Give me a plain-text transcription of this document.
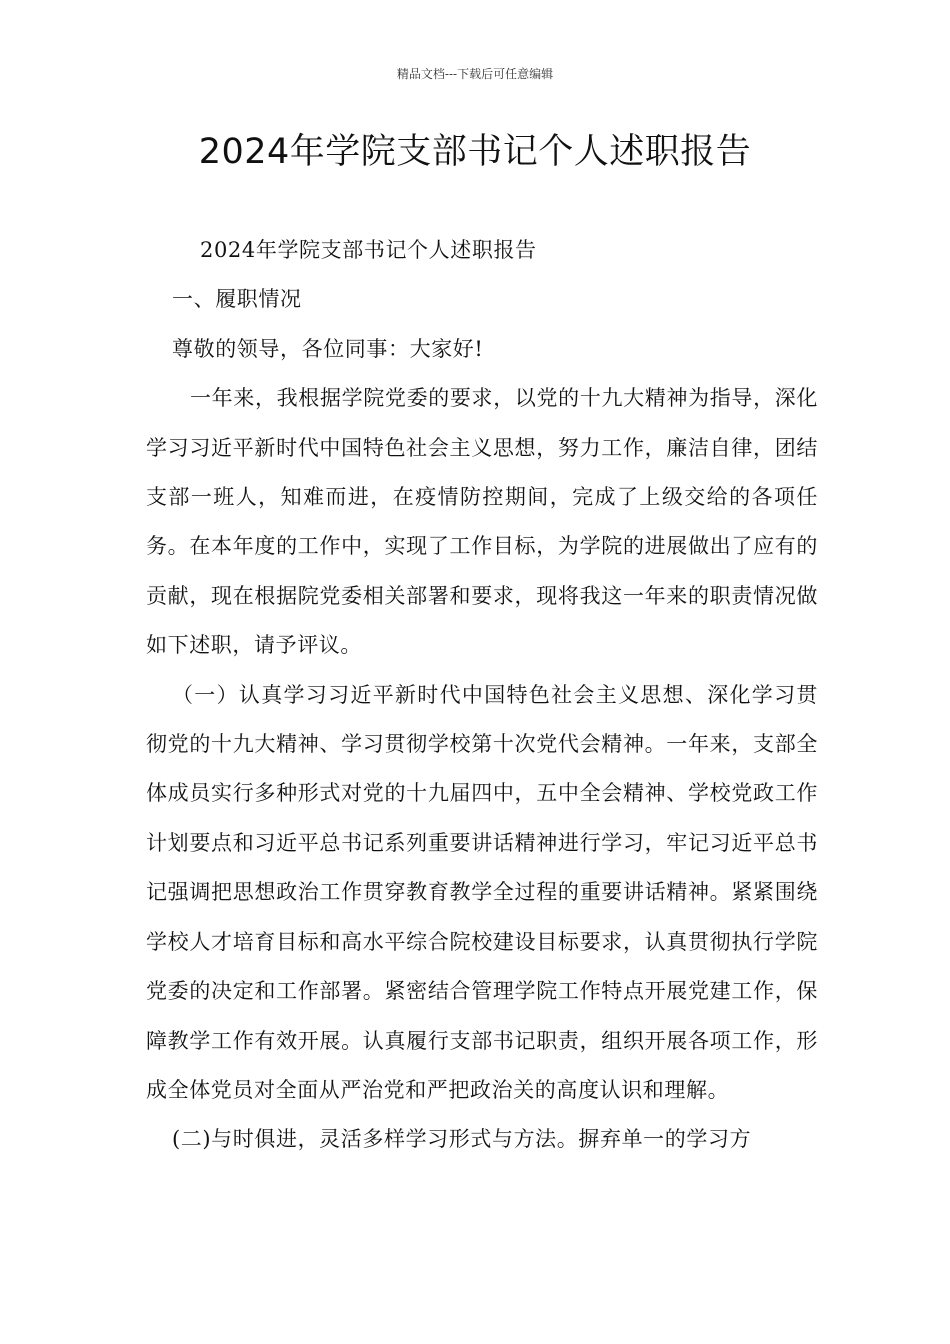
精品文档---下载后可任意编辑
2024年学院支部书记个人述职报告

2024年学院支部书记个人述职报告

一、履职情况

尊敬的领导，各位同事：大家好!

一年来，我根据学院党委的要求，以党的十九大精神为指导，深化学习习近平新时代中国特色社会主义思想，努力工作，廉洁自律，团结支部一班人，知难而进，在疫情防控期间，完成了上级交给的各项任务。在本年度的工作中，实现了工作目标，为学院的进展做出了应有的贡献，现在根据院党委相关部署和要求，现将我这一年来的职责情况做如下述职，请予评议。

（一）认真学习习近平新时代中国特色社会主义思想、深化学习贯彻党的十九大精神、学习贯彻学校第十次党代会精神。一年来，支部全体成员实行多种形式对党的十九届四中，五中全会精神、学校党政工作计划要点和习近平总书记系列重要讲话精神进行学习，牢记习近平总书记强调把思想政治工作贯穿教育教学全过程的重要讲话精神。紧紧围绕学校人才培育目标和高水平综合院校建设目标要求，认真贯彻执行学院党委的决定和工作部署。紧密结合管理学院工作特点开展党建工作，保障教学工作有效开展。认真履行支部书记职责，组织开展各项工作，形成全体党员对全面从严治党和严把政治关的高度认识和理解。

(二)与时俱进，灵活多样学习形式与方法。摒弃单一的学习方
